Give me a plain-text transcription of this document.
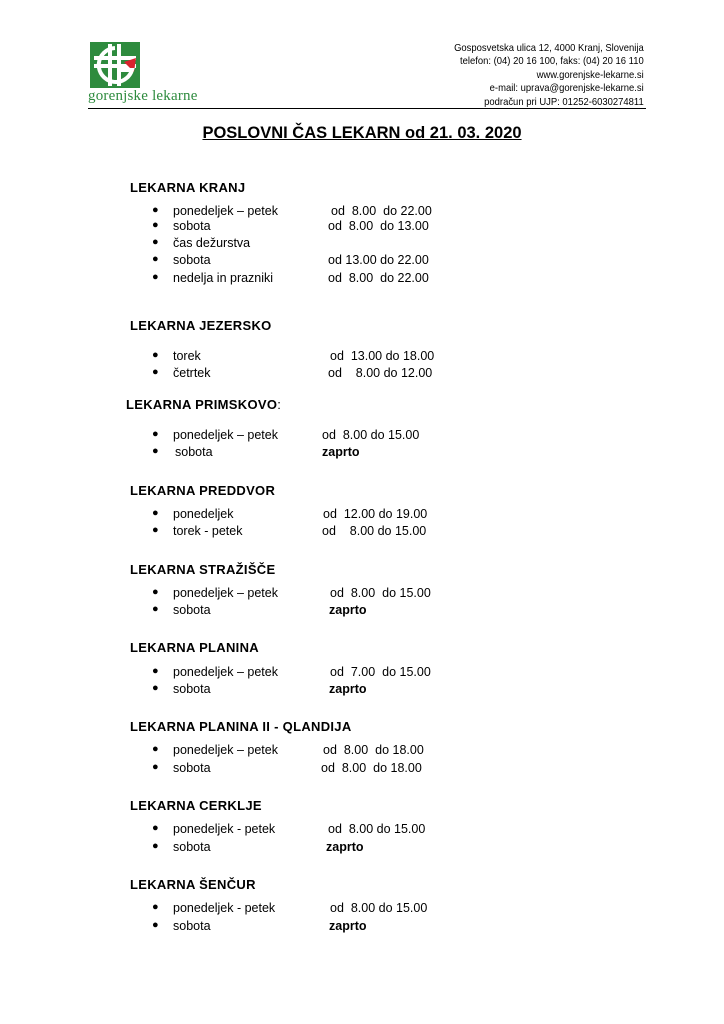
gorenjske lekarne
Gosposvetska ulica 12, 4000 Kranj, Slovenija
telefon: (04) 20 16 100, faks: (04) 20 16 110
www.gorenjske-lekarne.si
e-mail: uprava@gorenjske-lekarne.si
podračun pri UJP: 01252-6030274811
POSLOVNI ČAS LEKARN od 21. 03. 2020
LEKARNA KRANJ
● ponedeljek – petek	od  8.00  do 22.00
● sobota	od  8.00  do 13.00
● čas dežurstva
● sobota	od 13.00 do 22.00
● nedelja in prazniki	od  8.00  do 22.00
LEKARNA JEZERSKO
● torek	od  13.00 do 18.00
● četrtek	od    8.00 do 12.00
LEKARNA PRIMSKOVO:
● ponedeljek – petek	od  8.00 do 15.00
● sobota	zaprto
LEKARNA PREDDVOR
● ponedeljek	od  12.00 do 19.00
● torek - petek	od    8.00 do 15.00
LEKARNA STRAŽIŠČE
● ponedeljek – petek	od  8.00  do 15.00
● sobota	zaprto
LEKARNA PLANINA
● ponedeljek – petek	od  7.00  do 15.00
● sobota	zaprto
LEKARNA PLANINA II - QLANDIJA
● ponedeljek – petek	od  8.00  do 18.00
● sobota	od  8.00  do 18.00
LEKARNA CERKLJE
● ponedeljek - petek	od  8.00 do 15.00
● sobota	zaprto
LEKARNA ŠENČUR
● ponedeljek - petek	od  8.00 do 15.00
● sobota	zaprto
